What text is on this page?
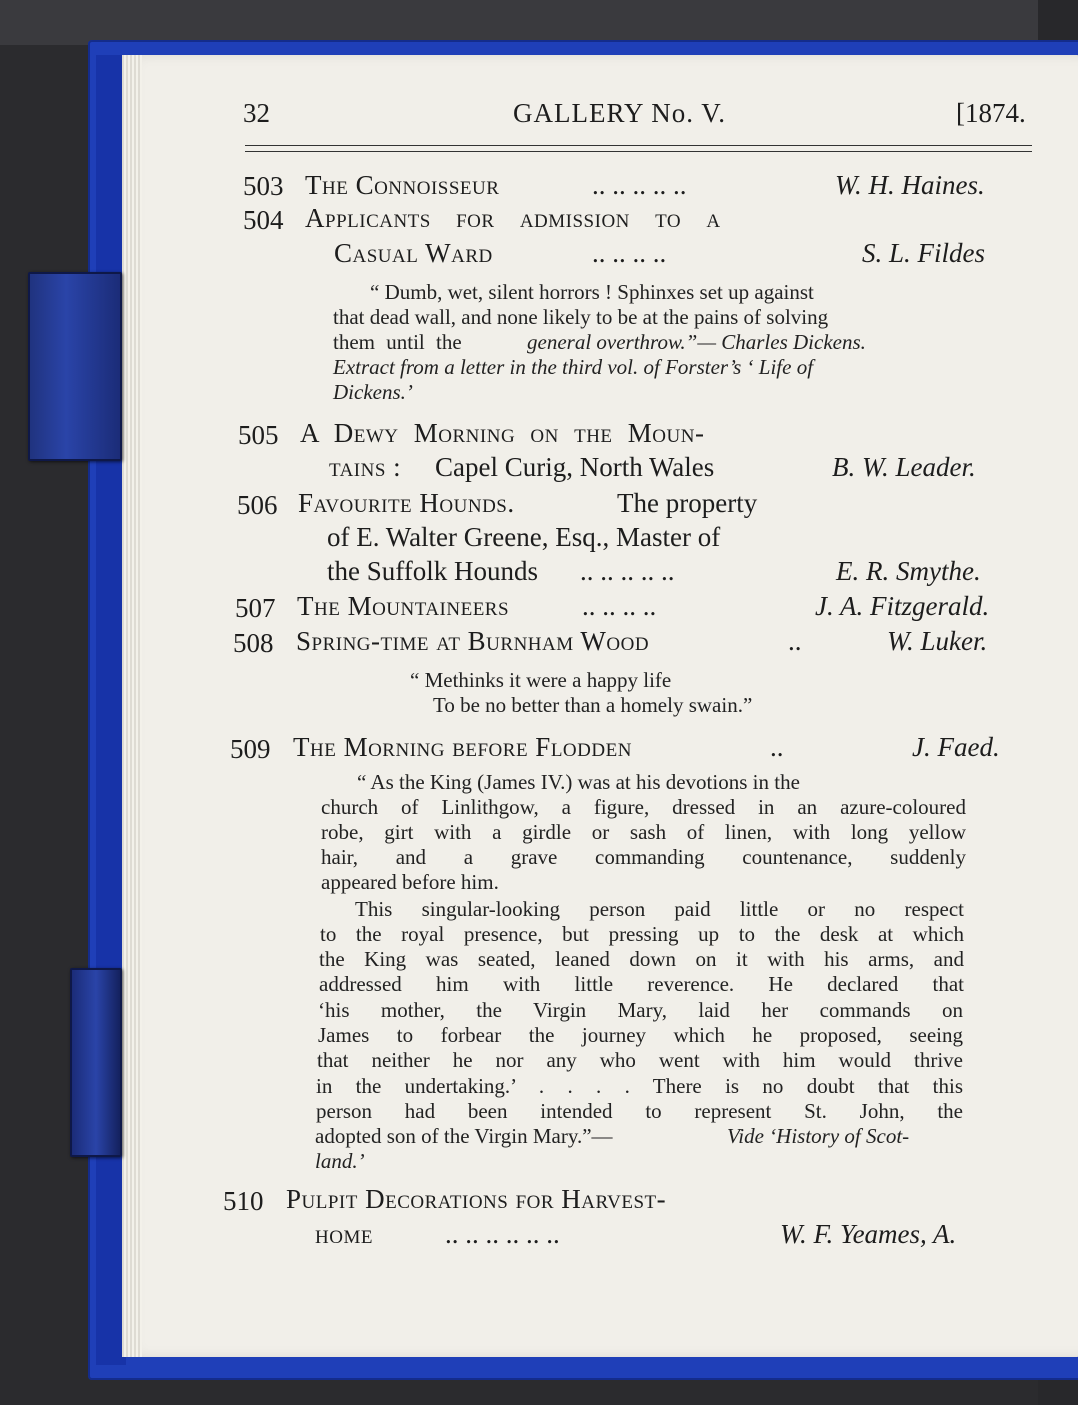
32	GALLERY No. V.	[1874.
503 The Connoisseur	.. .. .. .. ..	W. H. Haines.
504 Applicants for admission to a
Casual Ward	.. .. .. ..	S. L. Fildes
“ Dumb, wet, silent horrors ! Sphinxes set up against
that dead wall, and none likely to be at the pains of solving
them until the	general overthrow.”— Charles Dickens.
Extract from a letter in the third vol. of Forster’s ‘ Life of
Dickens.’
505 A Dewy Morning on the Moun-
tains : Capel Curig, North Wales	B. W. Leader.
506 Favourite Hounds.	The property
of E. Walter Greene, Esq., Master of
the Suffolk Hounds .. .. .. .. ..	E. R. Smythe.
507 The Mountaineers	.. .. .. ..	J. A. Fitzgerald.
508 Spring-time at Burnham Wood	..	W. Luker.
“ Methinks it were a happy life
To be no better than a homely swain.”
509 The Morning before Flodden	..	J. Faed.
“ As the King (James IV.) was at his devotions in the
church of Linlithgow, a figure, dressed in an azure-coloured
robe, girt with a girdle or sash of linen, with long yellow
hair, and a grave commanding countenance, suddenly
appeared before him.
This singular-looking person paid little or no respect
to the royal presence, but pressing up to the desk at which
the King was seated, leaned down on it with his arms, and
addressed him with little reverence. He declared that
‘his mother, the Virgin Mary, laid her commands on
James to forbear the journey which he proposed, seeing
that neither he nor any who went with him would thrive
in the undertaking.’ . . . . There is no doubt that this
person had been intended to represent St. John, the
adopted son of the Virgin Mary.”—	Vide ‘History of Scot-
land.’
510 Pulpit Decorations for Harvest-
home	.. .. .. .. .. ..	W. F. Yeames, A.
